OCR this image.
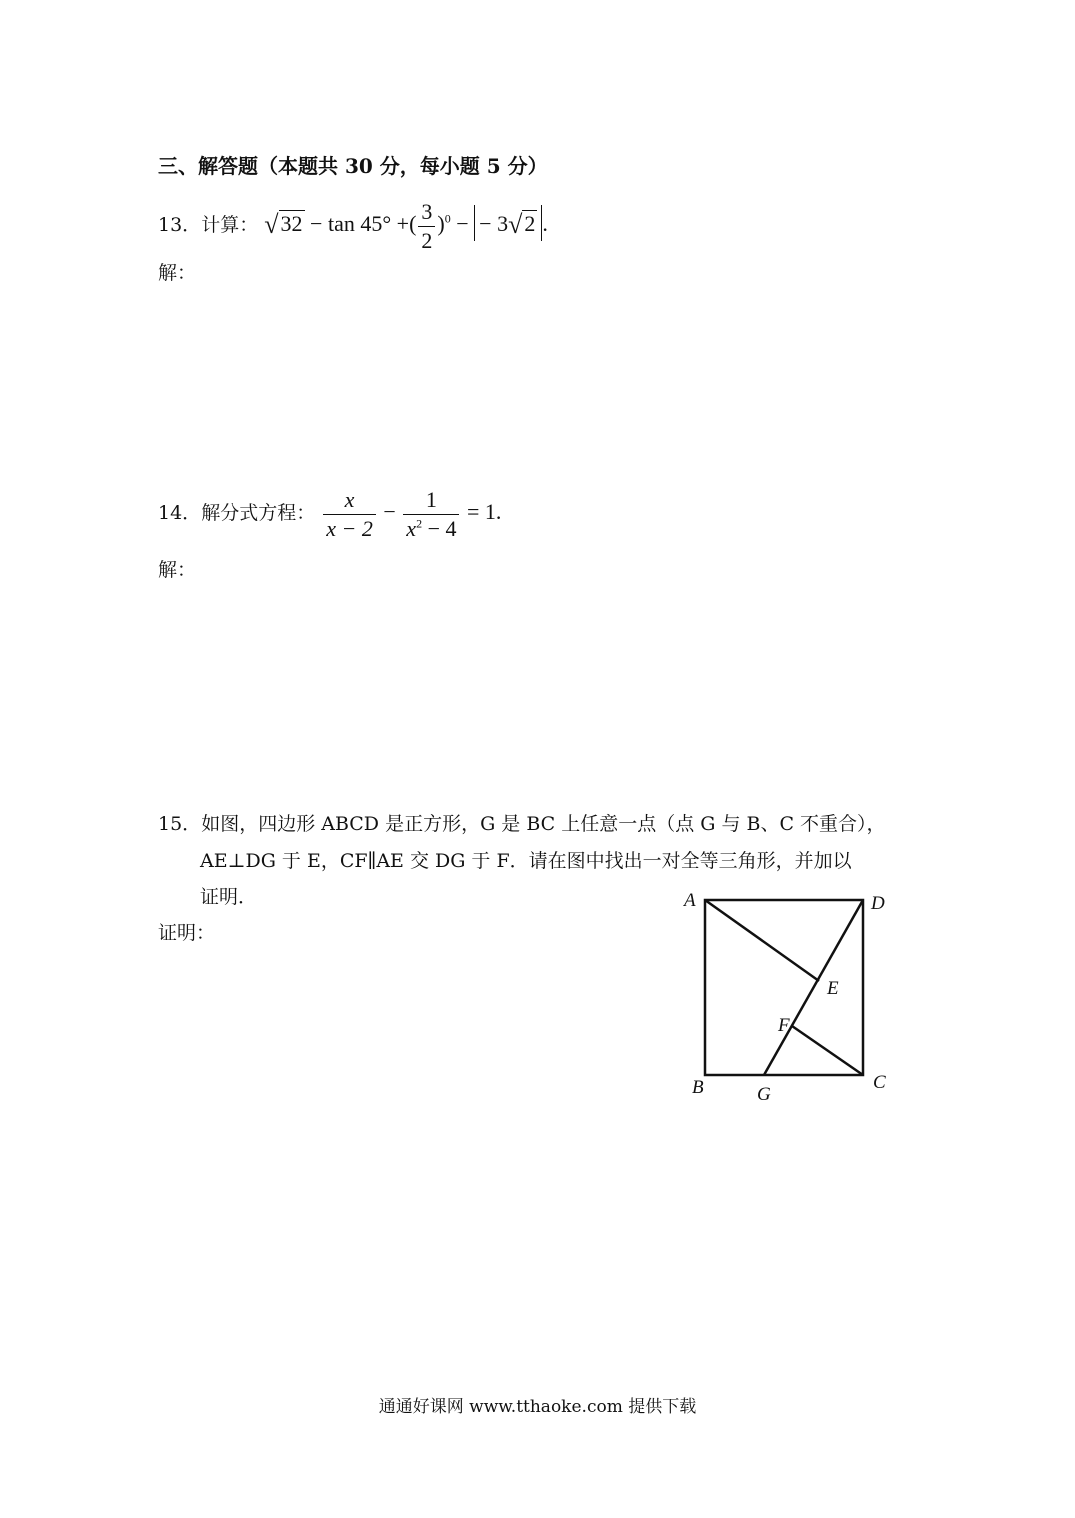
三、解答题（本题共 30 分，每小题 5 分）
13．计算： √32 − tan 45° +( $\frac{3}{2} )^0$ − − 3√2 .
解：
14．解分式方程： $\frac{x}{x - 2} - \frac{1}{x^2 - 4} = 1$.
解：
15．如图，四边形 ABCD 是正方形，G 是 BC 上任意一点（点 G 与 B、C 不重合），
AE⊥DG 于 E，CF∥AE 交 DG 于 F．请在图中找出一对全等三角形，并加以
证明．
证明：
A	D
E
F
B	G
C
通通好课网 www.tthaoke.com 提供下载
